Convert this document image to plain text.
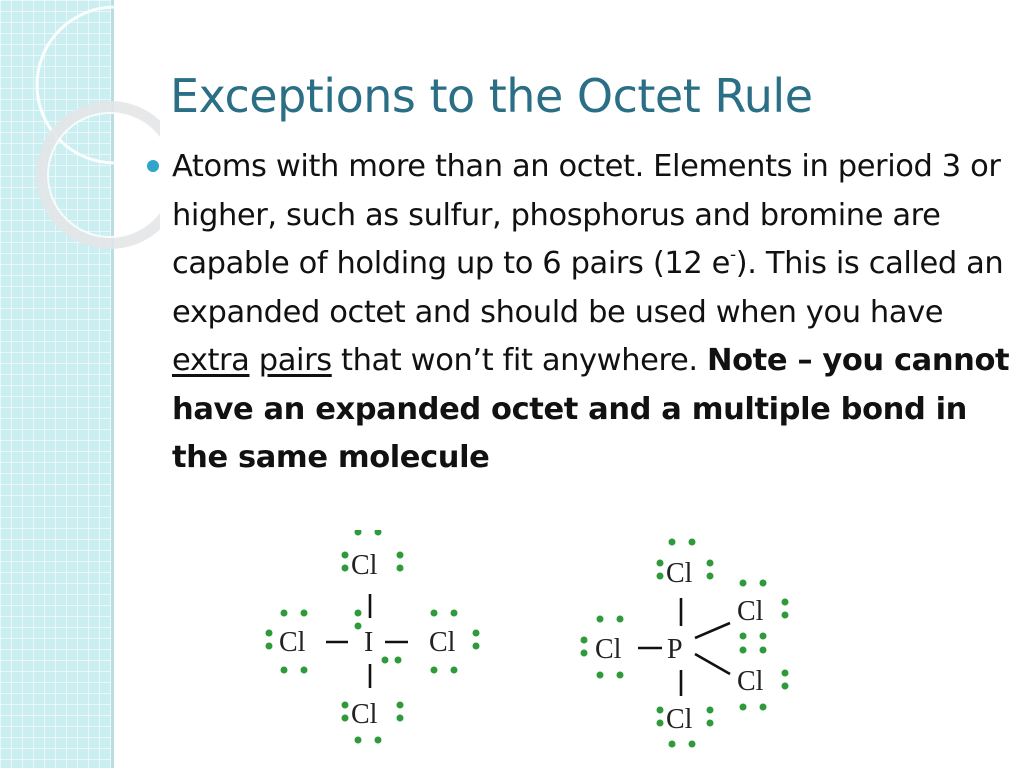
Exceptions to the Octet Rule

Atoms with more than an octet. Elements in period 3 or higher, such as sulfur, phosphorus and bromine are capable of holding up to 6 pairs (12 e-). This is called an expanded octet and should be used when you have extra pairs that won’t fit anywhere. Note – you cannot have an expanded octet and a multiple bond in the same molecule

Cl
Cl I Cl
Cl
Cl
Cl P
Cl
Cl
Cl
